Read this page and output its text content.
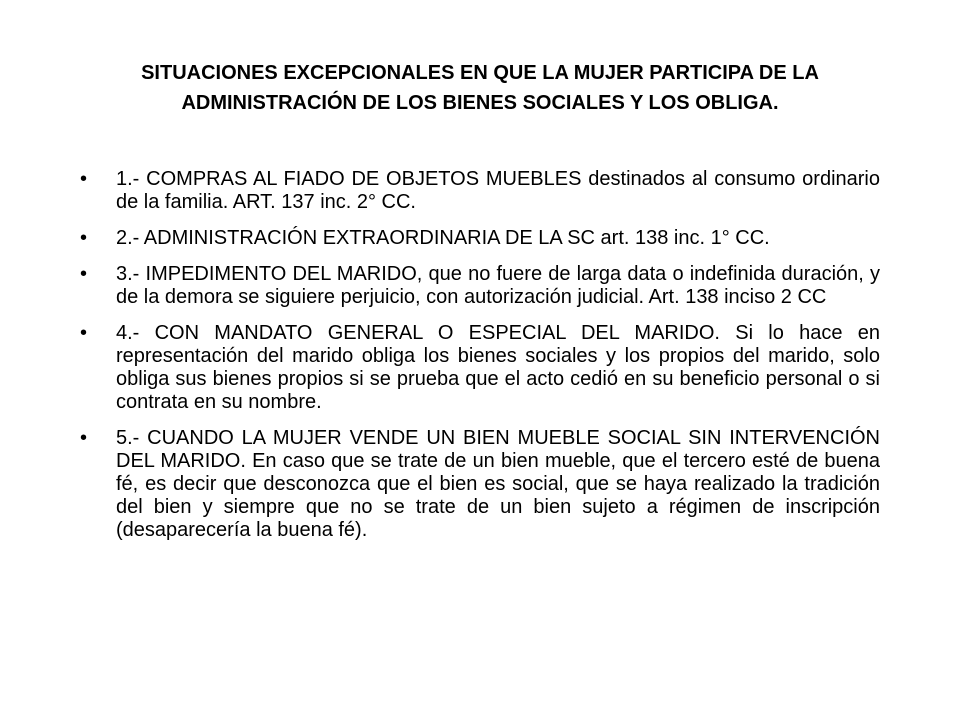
SITUACIONES EXCEPCIONALES EN QUE LA MUJER PARTICIPA DE LA
ADMINISTRACIÓN DE LOS BIENES SOCIALES Y LOS OBLIGA.
1.- COMPRAS AL FIADO DE OBJETOS MUEBLES destinados al consumo ordinario de la familia. ART. 137 inc. 2° CC.
2.- ADMINISTRACIÓN EXTRAORDINARIA DE LA SC art. 138 inc. 1° CC.
3.- IMPEDIMENTO DEL MARIDO, que no fuere de larga data o indefinida duración, y de la demora se siguiere perjuicio, con autorización judicial. Art. 138 inciso 2 CC
4.- CON MANDATO GENERAL O ESPECIAL DEL MARIDO. Si lo hace en representación del marido obliga los bienes sociales y los propios del marido, solo obliga sus bienes propios si se prueba que el acto cedió en su beneficio personal o si contrata en su nombre.
5.- CUANDO LA MUJER VENDE UN BIEN MUEBLE SOCIAL SIN INTERVENCIÓN DEL MARIDO. En caso que se trate de un bien mueble, que el tercero esté de buena fé, es decir que desconozca que el bien es social, que se haya realizado la tradición del bien y siempre que no se trate de un bien sujeto a régimen de inscripción (desaparecería la buena fé).
